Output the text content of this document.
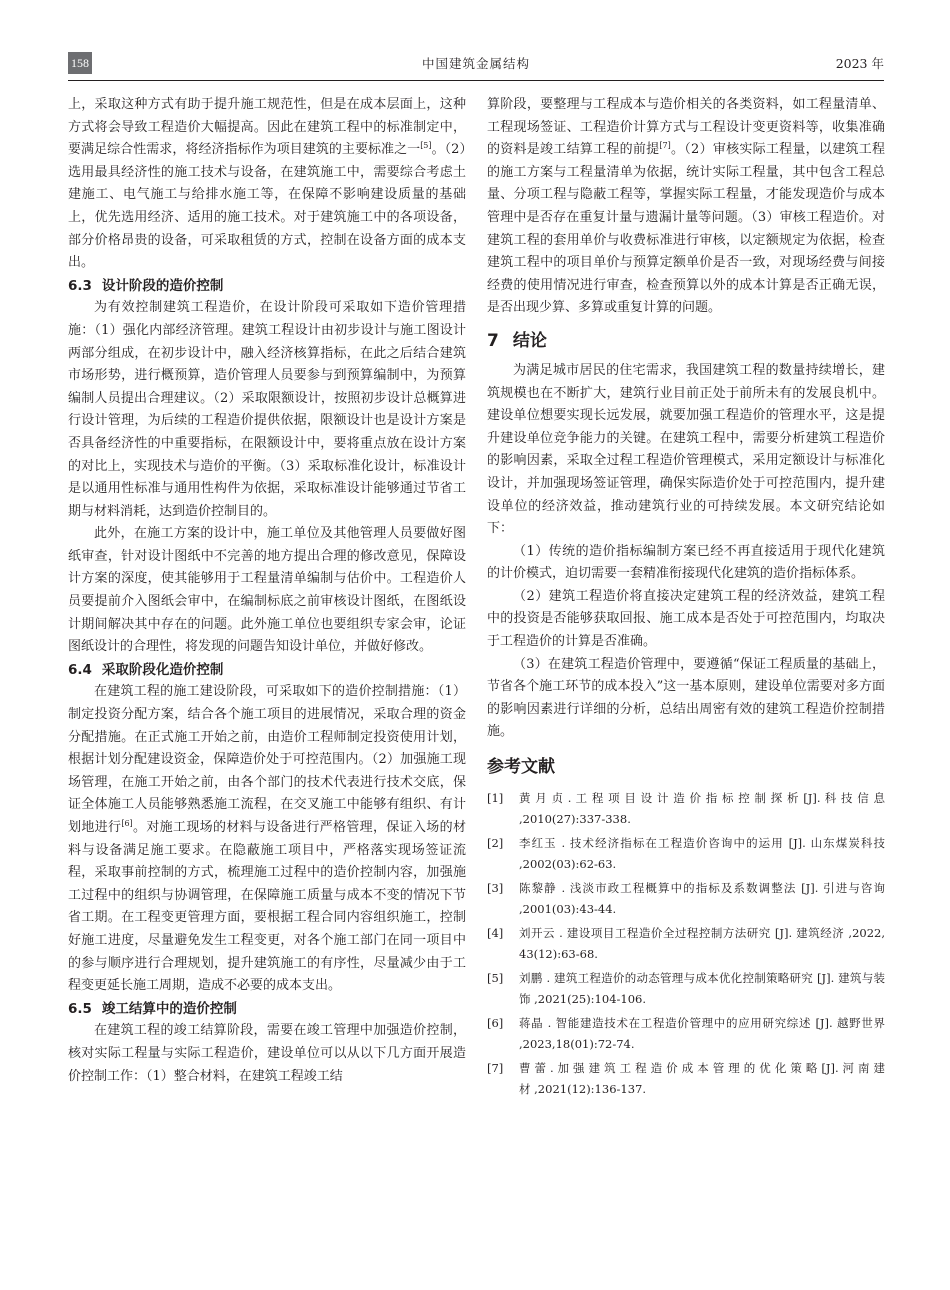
158	中国建筑金属结构	2023 年

上，采取这种方式有助于提升施工规范性，但是在成本层面上，这种方式将会导致工程造价大幅提高。因此在建筑工程中的标准制定中，要满足综合性需求，将经济指标作为项目建筑的主要标准之一[5]。（2）选用最具经济性的施工技术与设备，在建筑施工中，需要综合考虑土建施工、电气施工与给排水施工等，在保障不影响建设质量的基础上，优先选用经济、适用的施工技术。对于建筑施工中的各项设备，部分价格昂贵的设备，可采取租赁的方式，控制在设备方面的成本支出。

6.3 设计阶段的造价控制

为有效控制建筑工程造价，在设计阶段可采取如下造价管理措施：（1）强化内部经济管理。建筑工程设计由初步设计与施工图设计两部分组成，在初步设计中，融入经济核算指标，在此之后结合建筑市场形势，进行概预算，造价管理人员要参与到预算编制中，为预算编制人员提出合理建议。（2）采取限额设计，按照初步设计总概算进行设计管理，为后续的工程造价提供依据，限额设计也是设计方案是否具备经济性的中重要指标，在限额设计中，要将重点放在设计方案的对比上，实现技术与造价的平衡。（3）采取标准化设计，标准设计是以通用性标准与通用性构件为依据，采取标准设计能够通过节省工期与材料消耗，达到造价控制目的。

此外，在施工方案的设计中，施工单位及其他管理人员要做好图纸审查，针对设计图纸中不完善的地方提出合理的修改意见，保障设计方案的深度，使其能够用于工程量清单编制与估价中。工程造价人员要提前介入图纸会审中，在编制标底之前审核设计图纸，在图纸设计期间解决其中存在的问题。此外施工单位也要组织专家会审，论证图纸设计的合理性，将发现的问题告知设计单位，并做好修改。

6.4 采取阶段化造价控制

在建筑工程的施工建设阶段，可采取如下的造价控制措施：（1）制定投资分配方案，结合各个施工项目的进展情况，采取合理的资金分配措施。在正式施工开始之前，由造价工程师制定投资使用计划，根据计划分配建设资金，保障造价处于可控范围内。（2）加强施工现场管理，在施工开始之前，由各个部门的技术代表进行技术交底，保证全体施工人员能够熟悉施工流程，在交叉施工中能够有组织、有计划地进行[6]。对施工现场的材料与设备进行严格管理，保证入场的材料与设备满足施工要求。在隐蔽施工项目中，严格落实现场签证流程，采取事前控制的方式，梳理施工过程中的造价控制内容，加强施工过程中的组织与协调管理，在保障施工质量与成本不变的情况下节省工期。在工程变更管理方面，要根据工程合同内容组织施工，控制好施工进度，尽量避免发生工程变更，对各个施工部门在同一项目中的参与顺序进行合理规划，提升建筑施工的有序性，尽量减少由于工程变更延长施工周期，造成不必要的成本支出。

6.5 竣工结算中的造价控制

在建筑工程的竣工结算阶段，需要在竣工管理中加强造价控制，核对实际工程量与实际工程造价，建设单位可以从以下几方面开展造价控制工作：（1）整合材料，在建筑工程竣工结

算阶段，要整理与工程成本与造价相关的各类资料，如工程量清单、工程现场签证、工程造价计算方式与工程设计变更资料等，收集准确的资料是竣工结算工程的前提[7]。（2）审核实际工程量，以建筑工程的施工方案与工程量清单为依据，统计实际工程量，其中包含工程总量、分项工程与隐蔽工程等，掌握实际工程量，才能发现造价与成本管理中是否存在重复计量与遗漏计量等问题。（3）审核工程造价。对建筑工程的套用单价与收费标准进行审核，以定额规定为依据，检查建筑工程中的项目单价与预算定额单价是否一致，对现场经费与间接经费的使用情况进行审查，检查预算以外的成本计算是否正确无误，是否出现少算、多算或重复计算的问题。

7 结论

为满足城市居民的住宅需求，我国建筑工程的数量持续增长，建筑规模也在不断扩大，建筑行业目前正处于前所未有的发展良机中。建设单位想要实现长远发展，就要加强工程造价的管理水平，这是提升建设单位竞争能力的关键。在建筑工程中，需要分析建筑工程造价的影响因素，采取全过程工程造价管理模式，采用定额设计与标准化设计，并加强现场签证管理，确保实际造价处于可控范围内，提升建设单位的经济效益，推动建筑行业的可持续发展。本文研究结论如下：

（1）传统的造价指标编制方案已经不再直接适用于现代化建筑的计价模式，迫切需要一套精准衔接现代化建筑的造价指标体系。

（2）建筑工程造价将直接决定建筑工程的经济效益，建筑工程中的投资是否能够获取回报、施工成本是否处于可控范围内，均取决于工程造价的计算是否准确。

（3）在建筑工程造价管理中，要遵循“保证工程质量的基础上，节省各个施工环节的成本投入”这一基本原则，建设单位需要对多方面的影响因素进行详细的分析，总结出周密有效的建筑工程造价控制措施。

参考文献
[1]	黄 月 贞 . 工 程 项 目 设 计 造 价 指 标 控 制 探 析 [J]. 科 技 信 息 ,2010(27):337-338.
[2]	李红玉 . 技术经济指标在工程造价咨询中的运用 [J]. 山东煤炭科技 ,2002(03):62-63.
[3]	陈黎静 . 浅淡市政工程概算中的指标及系数调整法 [J]. 引进与咨询 ,2001(03):43-44.
[4]	刘开云 . 建设项目工程造价全过程控制方法研究 [J]. 建筑经济 ,2022, 43(12):63-68.
[5]	刘鹏 . 建筑工程造价的动态管理与成本优化控制策略研究 [J]. 建筑与装饰 ,2021(25):104-106.
[6]	蒋晶 . 智能建造技术在工程造价管理中的应用研究综述 [J]. 越野世界 ,2023,18(01):72-74.
[7]	曹 蕾 . 加 强 建 筑 工 程 造 价 成 本 管 理 的 优 化 策 略 [J]. 河 南 建 材 ,2021(12):136-137.
